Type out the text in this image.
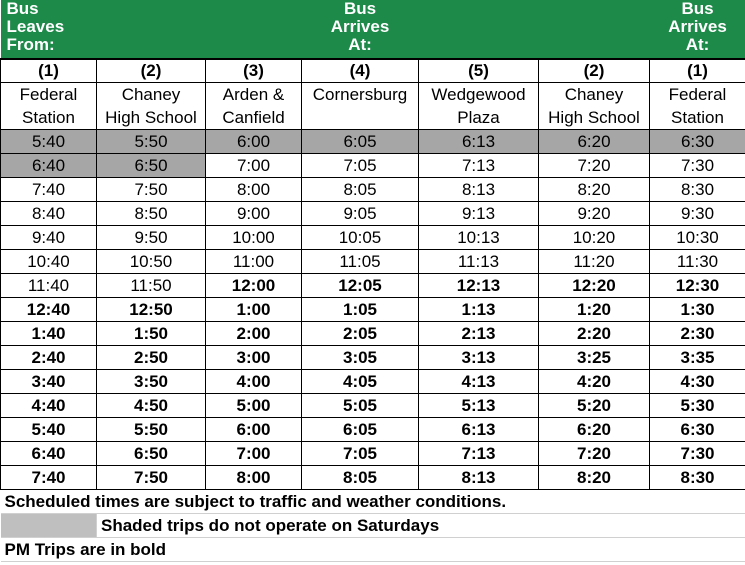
Bus
Leaves
From:			Bus
Arrives
At:			Bus
Arrives
At:

(1)	(2)	(3)	(4)	(5)	(2)	(1)

Federal
Station	Chaney
High School	Arden &
Canfield	Cornersburg	Wedgewood
Plaza	Chaney
High School	Federal
Station

5:40	5:50	6:00	6:05	6:13	6:20	6:30
6:40	6:50	7:00	7:05	7:13	7:20	7:30
7:40	7:50	8:00	8:05	8:13	8:20	8:30
8:40	8:50	9:00	9:05	9:13	9:20	9:30
9:40	9:50	10:00	10:05	10:13	10:20	10:30
10:40	10:50	11:00	11:05	11:13	11:20	11:30
11:40	11:50	12:00	12:05	12:13	12:20	12:30
12:40	12:50	1:00	1:05	1:13	1:20	1:30
1:40	1:50	2:00	2:05	2:13	2:20	2:30
2:40	2:50	3:00	3:05	3:13	3:25	3:35
3:40	3:50	4:00	4:05	4:13	4:20	4:30
4:40	4:50	5:00	5:05	5:13	5:20	5:30
5:40	5:50	6:00	6:05	6:13	6:20	6:30
6:40	6:50	7:00	7:05	7:13	7:20	7:30
7:40	7:50	8:00	8:05	8:13	8:20	8:30
Scheduled times are subject to traffic and weather conditions.						
	Shaded trips do not operate on Saturdays					
PM Trips are in bold						
